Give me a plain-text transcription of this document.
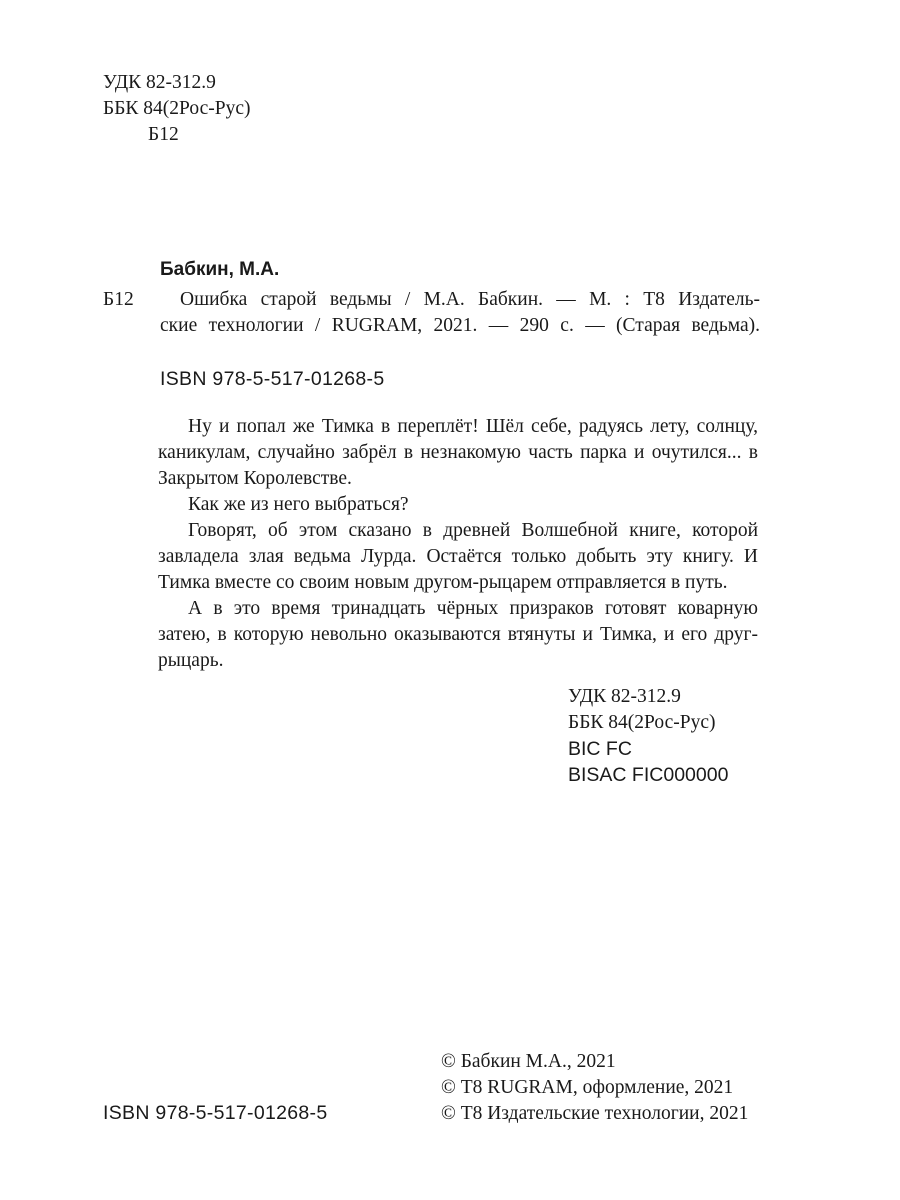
УДК 82-312.9
ББК 84(2Рос-Рус)
Б12
Бабкин, М.А.
Б12	Ошибка старой ведьмы / М.А. Бабкин. — М. : Т8 Издатель-
ские технологии / RUGRAM, 2021. — 290 с. — (Старая ведьма).
ISBN 978-5-517-01268-5

Ну и попал же Тимка в переплёт! Шёл себе, радуясь лету, солнцу, каникулам, случайно забрёл в незнакомую часть парка и очутился... в Закрытом Королевстве.

Как же из него выбраться?

Говорят, об этом сказано в древней Волшебной книге, которой завладела злая ведьма Лурда. Остаётся только добыть эту книгу. И Тимка вместе со своим новым другом-рыцарем отправляется в путь.

А в это время тринадцать чёрных призраков готовят коварную затею, в которую невольно оказываются втянуты и Тимка, и его друг-рыцарь.

УДК 82-312.9
ББК 84(2Рос-Рус)
BIC FC
BISAC FIC000000
© Бабкин М.А., 2021
© Т8 RUGRAM, оформление, 2021
© Т8 Издательские технологии, 2021
ISBN 978-5-517-01268-5
